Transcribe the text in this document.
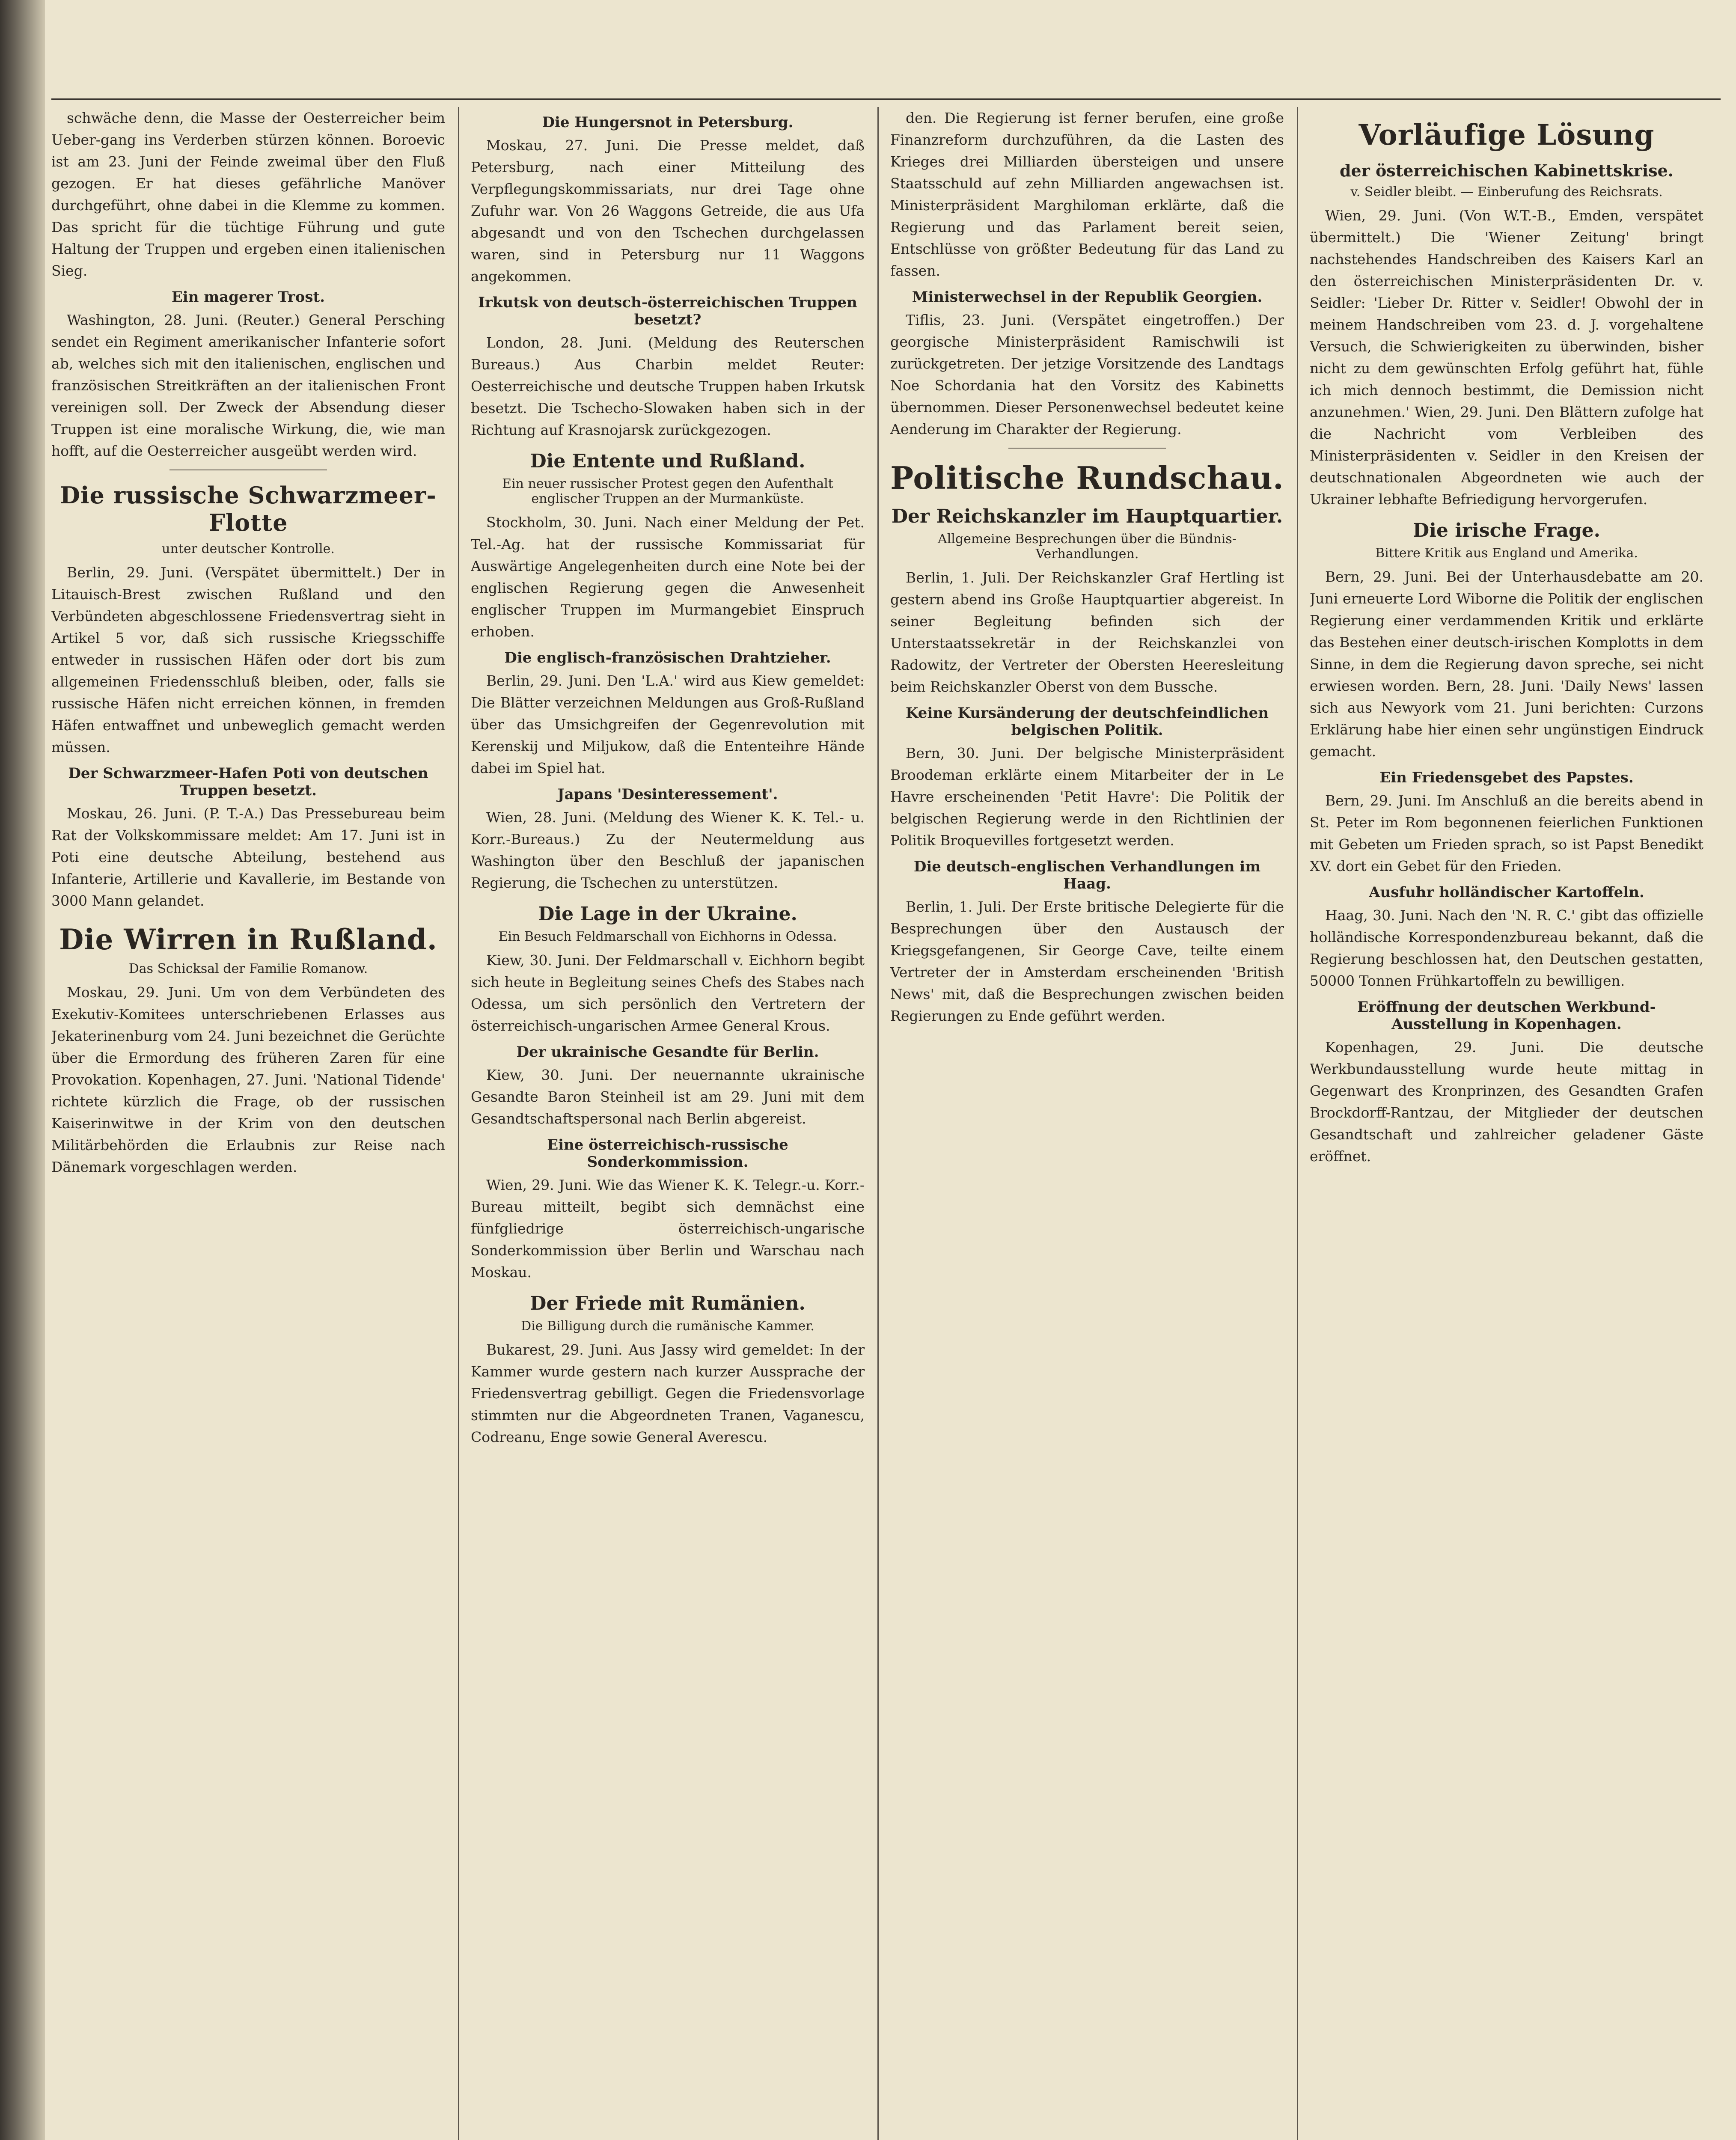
schwäche denn, die Masse der Oesterreicher beim Ueber-gang ins Verderben stürzen können. Boroevic ist am 23. Juni der Feinde zweimal über den Fluß gezogen. Er hat dieses gefährliche Manöver durchgeführt, ohne dabei in die Klemme zu kommen. Das spricht für die tüchtige Führung und gute Haltung der Truppen und ergeben einen italienischen Sieg.

Ein magerer Trost.

Washington, 28. Juni. (Reuter.) General Persching sendet ein Regiment amerikanischer Infanterie sofort ab, welches sich mit den italienischen, englischen und französischen Streitkräften an der italienischen Front vereinigen soll. Der Zweck der Absendung dieser Truppen ist eine moralische Wirkung, die, wie man hofft, auf die Oesterreicher ausgeübt werden wird.

Die russische Schwarzmeer-Flotte
unter deutscher Kontrolle.

Berlin, 29. Juni. (Verspätet übermittelt.) Der in Litauisch-Brest zwischen Rußland und den Verbündeten abgeschlossene Friedensvertrag sieht in Artikel 5 vor, daß sich russische Kriegsschiffe entweder in russischen Häfen oder dort bis zum allgemeinen Friedensschluß bleiben, oder, falls sie russische Häfen nicht erreichen können, in fremden Häfen entwaffnet und unbeweglich gemacht werden müssen.

Der Schwarzmeer-Hafen Poti von deutschen Truppen besetzt.

Moskau, 26. Juni. (P. T.-A.) Das Pressebureau beim Rat der Volkskommissare meldet: Am 17. Juni ist in Poti eine deutsche Abteilung, bestehend aus Infanterie, Artillerie und Kavallerie, im Bestande von 3000 Mann gelandet.

Die Wirren in Rußland.
Das Schicksal der Familie Romanow.

Moskau, 29. Juni. Um von dem Verbündeten des Exekutiv-Komitees unterschriebenen Erlasses aus Jekaterinenburg vom 24. Juni bezeichnet die Gerüchte über die Ermordung des früheren Zaren für eine Provokation. Kopenhagen, 27. Juni. 'National Tidende' richtete kürzlich die Frage, ob der russischen Kaiserinwitwe in der Krim von den deutschen Militärbehörden die Erlaubnis zur Reise nach Dänemark vorgeschlagen werden.

Die Hungersnot in Petersburg.

Moskau, 27. Juni. Die Presse meldet, daß Petersburg, nach einer Mitteilung des Verpflegungskommissariats, nur drei Tage ohne Zufuhr war. Von 26 Waggons Getreide, die aus Ufa abgesandt und von den Tschechen durchgelassen waren, sind in Petersburg nur 11 Waggons angekommen.

Irkutsk von deutsch-österreichischen Truppen besetzt?

London, 28. Juni. (Meldung des Reuterschen Bureaus.) Aus Charbin meldet Reuter: Oesterreichische und deutsche Truppen haben Irkutsk besetzt. Die Tschecho-Slowaken haben sich in der Richtung auf Krasnojarsk zurückgezogen.

Die Entente und Rußland.
Ein neuer russischer Protest gegen den Aufenthalt englischer Truppen an der Murmanküste.

Stockholm, 30. Juni. Nach einer Meldung der Pet. Tel.-Ag. hat der russische Kommissariat für Auswärtige Angelegenheiten durch eine Note bei der englischen Regierung gegen die Anwesenheit englischer Truppen im Murmangebiet Einspruch erhoben.

Die englisch-französischen Drahtzieher.

Berlin, 29. Juni. Den 'L.A.' wird aus Kiew gemeldet: Die Blätter verzeichnen Meldungen aus Groß-Rußland über das Umsichgreifen der Gegenrevolution mit Kerenskij und Miljukow, daß die Ententeihre Hände dabei im Spiel hat.

Japans 'Desinteressement'.

Wien, 28. Juni. (Meldung des Wiener K. K. Tel.- u. Korr.-Bureaus.) Zu der Neutermeldung aus Washington über den Beschluß der japanischen Regierung, die Tschechen zu unterstützen.

Die Lage in der Ukraine.
Ein Besuch Feldmarschall von Eichhorns in Odessa.

Kiew, 30. Juni. Der Feldmarschall v. Eichhorn begibt sich heute in Begleitung seines Chefs des Stabes nach Odessa, um sich persönlich den Vertretern der österreichisch-ungarischen Armee General Krous.

Der ukrainische Gesandte für Berlin.

Kiew, 30. Juni. Der neuernannte ukrainische Gesandte Baron Steinheil ist am 29. Juni mit dem Gesandtschaftspersonal nach Berlin abgereist.

Eine österreichisch-russische Sonderkommission.

Wien, 29. Juni. Wie das Wiener K. K. Telegr.-u. Korr.-Bureau mitteilt, begibt sich demnächst eine fünfgliedrige österreichisch-ungarische Sonderkommission über Berlin und Warschau nach Moskau.

Der Friede mit Rumänien.
Die Billigung durch die rumänische Kammer.

Bukarest, 29. Juni. Aus Jassy wird gemeldet: In der Kammer wurde gestern nach kurzer Aussprache der Friedensvertrag gebilligt. Gegen die Friedensvorlage stimmten nur die Abgeordneten Tranen, Vaganescu, Codreanu, Enge sowie General Averescu.

den. Die Regierung ist ferner berufen, eine große Finanzreform durchzuführen, da die Lasten des Krieges drei Milliarden übersteigen und unsere Staatsschuld auf zehn Milliarden angewachsen ist. Ministerpräsident Marghiloman erklärte, daß die Regierung und das Parlament bereit seien, Entschlüsse von größter Bedeutung für das Land zu fassen.

Ministerwechsel in der Republik Georgien.

Tiflis, 23. Juni. (Verspätet eingetroffen.) Der georgische Ministerpräsident Ramischwili ist zurückgetreten. Der jetzige Vorsitzende des Landtags Noe Schordania hat den Vorsitz des Kabinetts übernommen. Dieser Personenwechsel bedeutet keine Aenderung im Charakter der Regierung.

Politische Rundschau.
Der Reichskanzler im Hauptquartier.
Allgemeine Besprechungen über die Bündnis-Verhandlungen.

Berlin, 1. Juli. Der Reichskanzler Graf Hertling ist gestern abend ins Große Hauptquartier abgereist. In seiner Begleitung befinden sich der Unterstaatssekretär in der Reichskanzlei von Radowitz, der Vertreter der Obersten Heeresleitung beim Reichskanzler Oberst von dem Bussche.

Keine Kursänderung der deutschfeindlichen belgischen Politik.

Bern, 30. Juni. Der belgische Ministerpräsident Broodeman erklärte einem Mitarbeiter der in Le Havre erscheinenden 'Petit Havre': Die Politik der belgischen Regierung werde in den Richtlinien der Politik Broquevilles fortgesetzt werden.

Die deutsch-englischen Verhandlungen im Haag.

Berlin, 1. Juli. Der Erste britische Delegierte für die Besprechungen über den Austausch der Kriegsgefangenen, Sir George Cave, teilte einem Vertreter der in Amsterdam erscheinenden 'British News' mit, daß die Besprechungen zwischen beiden Regierungen zu Ende geführt werden.

Vorläufige Lösung
der österreichischen Kabinettskrise.
v. Seidler bleibt. — Einberufung des Reichsrats.

Wien, 29. Juni. (Von W.T.-B., Emden, verspätet übermittelt.) Die 'Wiener Zeitung' bringt nachstehendes Handschreiben des Kaisers Karl an den österreichischen Ministerpräsidenten Dr. v. Seidler: 'Lieber Dr. Ritter v. Seidler! Obwohl der in meinem Handschreiben vom 23. d. J. vorgehaltene Versuch, die Schwierigkeiten zu überwinden, bisher nicht zu dem gewünschten Erfolg geführt hat, fühle ich mich dennoch bestimmt, die Demission nicht anzunehmen.' Wien, 29. Juni. Den Blättern zufolge hat die Nachricht vom Verbleiben des Ministerpräsidenten v. Seidler in den Kreisen der deutschnationalen Abgeordneten wie auch der Ukrainer lebhafte Befriedigung hervorgerufen.

Die irische Frage.
Bittere Kritik aus England und Amerika.

Bern, 29. Juni. Bei der Unterhausdebatte am 20. Juni erneuerte Lord Wiborne die Politik der englischen Regierung einer verdammenden Kritik und erklärte das Bestehen einer deutsch-irischen Komplotts in dem Sinne, in dem die Regierung davon spreche, sei nicht erwiesen worden. Bern, 28. Juni. 'Daily News' lassen sich aus Newyork vom 21. Juni berichten: Curzons Erklärung habe hier einen sehr ungünstigen Eindruck gemacht.

Ein Friedensgebet des Papstes.

Bern, 29. Juni. Im Anschluß an die bereits abend in St. Peter im Rom begonnenen feierlichen Funktionen mit Gebeten um Frieden sprach, so ist Papst Benedikt XV. dort ein Gebet für den Frieden.

Ausfuhr holländischer Kartoffeln.

Haag, 30. Juni. Nach den 'N. R. C.' gibt das offizielle holländische Korrespondenzbureau bekannt, daß die Regierung beschlossen hat, den Deutschen gestatten, 50000 Tonnen Frühkartoffeln zu bewilligen.

Eröffnung der deutschen Werkbund-Ausstellung in Kopenhagen.

Kopenhagen, 29. Juni. Die deutsche Werkbundausstellung wurde heute mittag in Gegenwart des Kronprinzen, des Gesandten Grafen Brockdorff-Rantzau, der Mitglieder der deutschen Gesandtschaft und zahlreicher geladener Gäste eröffnet.
